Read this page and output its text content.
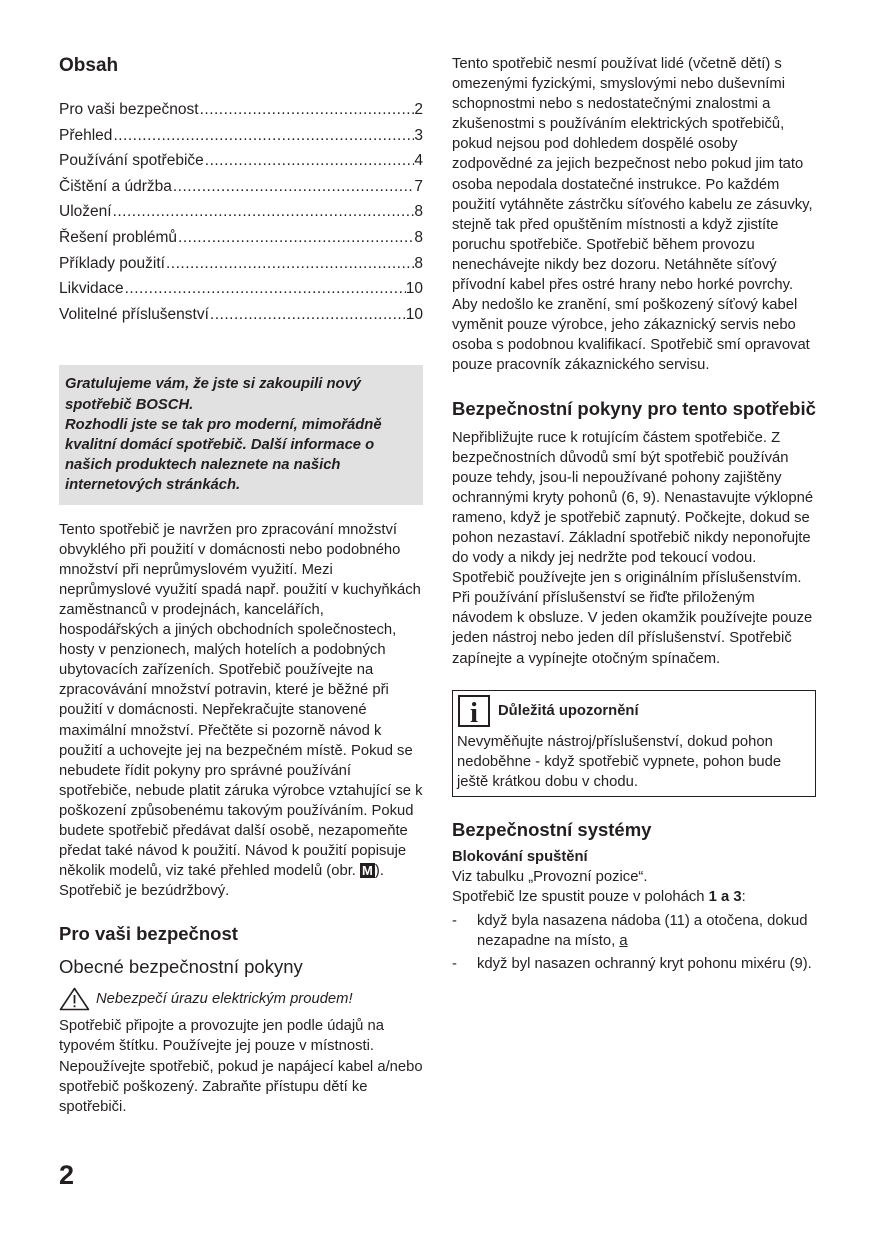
Obsah
Pro vaši bezpečnost .....	2
Přehled .....	3
Používání spotřebiče .....	4
Čištění a údržba .....	7
Uložení .....	8
Řešení problémů .....	8
Příklady použití .....	8
Likvidace .....	10
Volitelné příslušenství .....	10

Gratulujeme vám, že jste si zakoupili nový spotřebič BOSCH.

Rozhodli jste se tak pro moderní, mimořádně kvalitní domácí spotřebič. Další informace o našich produktech naleznete na našich internetových stránkách.

Tento spotřebič je navržen pro zpracování množství obvyklého při použití v domácnosti nebo podobného množství při neprůmyslovém využití. Mezi neprůmyslové využití spadá např. použití v kuchyňkách zaměstnanců v prodejnách, kancelářích, hospodářských a jiných obchodních společnostech, hosty v penzionech, malých hotelích a podobných ubytovacích zařízeních. Spotřebič používejte na zpracovávání množství potravin, které je běžné při použití v domácnosti. Nepřekračujte stanovené maximální množství. Přečtěte si pozorně návod k použití a uchovejte jej na bezpečném místě. Pokud se nebudete řídit pokyny pro správné používání spotřebiče, nebude platit záruka výrobce vztahující se k poškození způsobenému takovým používáním. Pokud budete spotřebič předávat další osobě, nezapomeňte předat také návod k použití. Návod k použití popisuje několik modelů, viz také přehled modelů (obr. M ). Spotřebič je bezúdržbový.

Pro vaši bezpečnost

Obecné bezpečnostní pokyny

Nebezpečí úrazu elektrickým proudem!

Spotřebič připojte a provozujte jen podle údajů na typovém štítku. Používejte jej pouze v místnosti. Nepoužívejte spotřebič, pokud je napájecí kabel a/nebo spotřebič poškozený. Zabraňte přístupu dětí ke spotřebiči.

Tento spotřebič nesmí používat lidé (včetně dětí) s omezenými fyzickými, smyslovými nebo duševními schopnostmi nebo s nedostatečnými znalostmi a zkušenostmi s používáním elektrických spotřebičů, pokud nejsou pod dohledem dospělé osoby zodpovědné za jejich bezpečnost nebo pokud jim tato osoba nepodala dostatečné instrukce. Po každém použití vytáhněte zástrčku síťového kabelu ze zásuvky, stejně tak před opuštěním místnosti a když zjistíte poruchu spotřebiče. Spotřebič během provozu nenechávejte nikdy bez dozoru. Netáhněte síťový přívodní kabel přes ostré hrany nebo horké povrchy. Aby nedošlo ke zranění, smí poškozený síťový kabel vyměnit pouze výrobce, jeho zákaznický servis nebo osoba s podobnou kvalifikací. Spotřebič smí opravovat pouze pracovník zákaznického servisu.

Bezpečnostní pokyny pro tento spotřebič

Nepřibližujte ruce k rotujícím částem spotřebiče. Z bezpečnostních důvodů smí být spotřebič používán pouze tehdy, jsou-li nepoužívané pohony zajištěny ochrannými kryty pohonů (6, 9). Nenastavujte výklopné rameno, když je spotřebič zapnutý. Počkejte, dokud se pohon nezastaví. Základní spotřebič nikdy neponořujte do vody a nikdy jej nedržte pod tekoucí vodou. Spotřebič používejte jen s originálním příslušenstvím. Při používání příslušenství se řiďte přiloženým návodem k obsluze. V jeden okamžik používejte pouze jeden nástroj nebo jeden díl příslušenství. Spotřebič zapínejte a vypínejte otočným spínačem.

i	Důležitá upozornění
Nevyměňujte nástroj/příslušenství, dokud pohon nedoběhne - když spotřebič vypnete, pohon bude ještě krátkou dobu v chodu.

Bezpečnostní systémy

Blokování spuštění

Viz tabulku „Provozní pozice“.

Spotřebič lze spustit pouze v polohách 1 a 3:

-	když byla nasazena nádoba (11) a otočena, dokud nezapadne na místo, a
-	když byl nasazen ochranný kryt pohonu mixéru (9).
2
